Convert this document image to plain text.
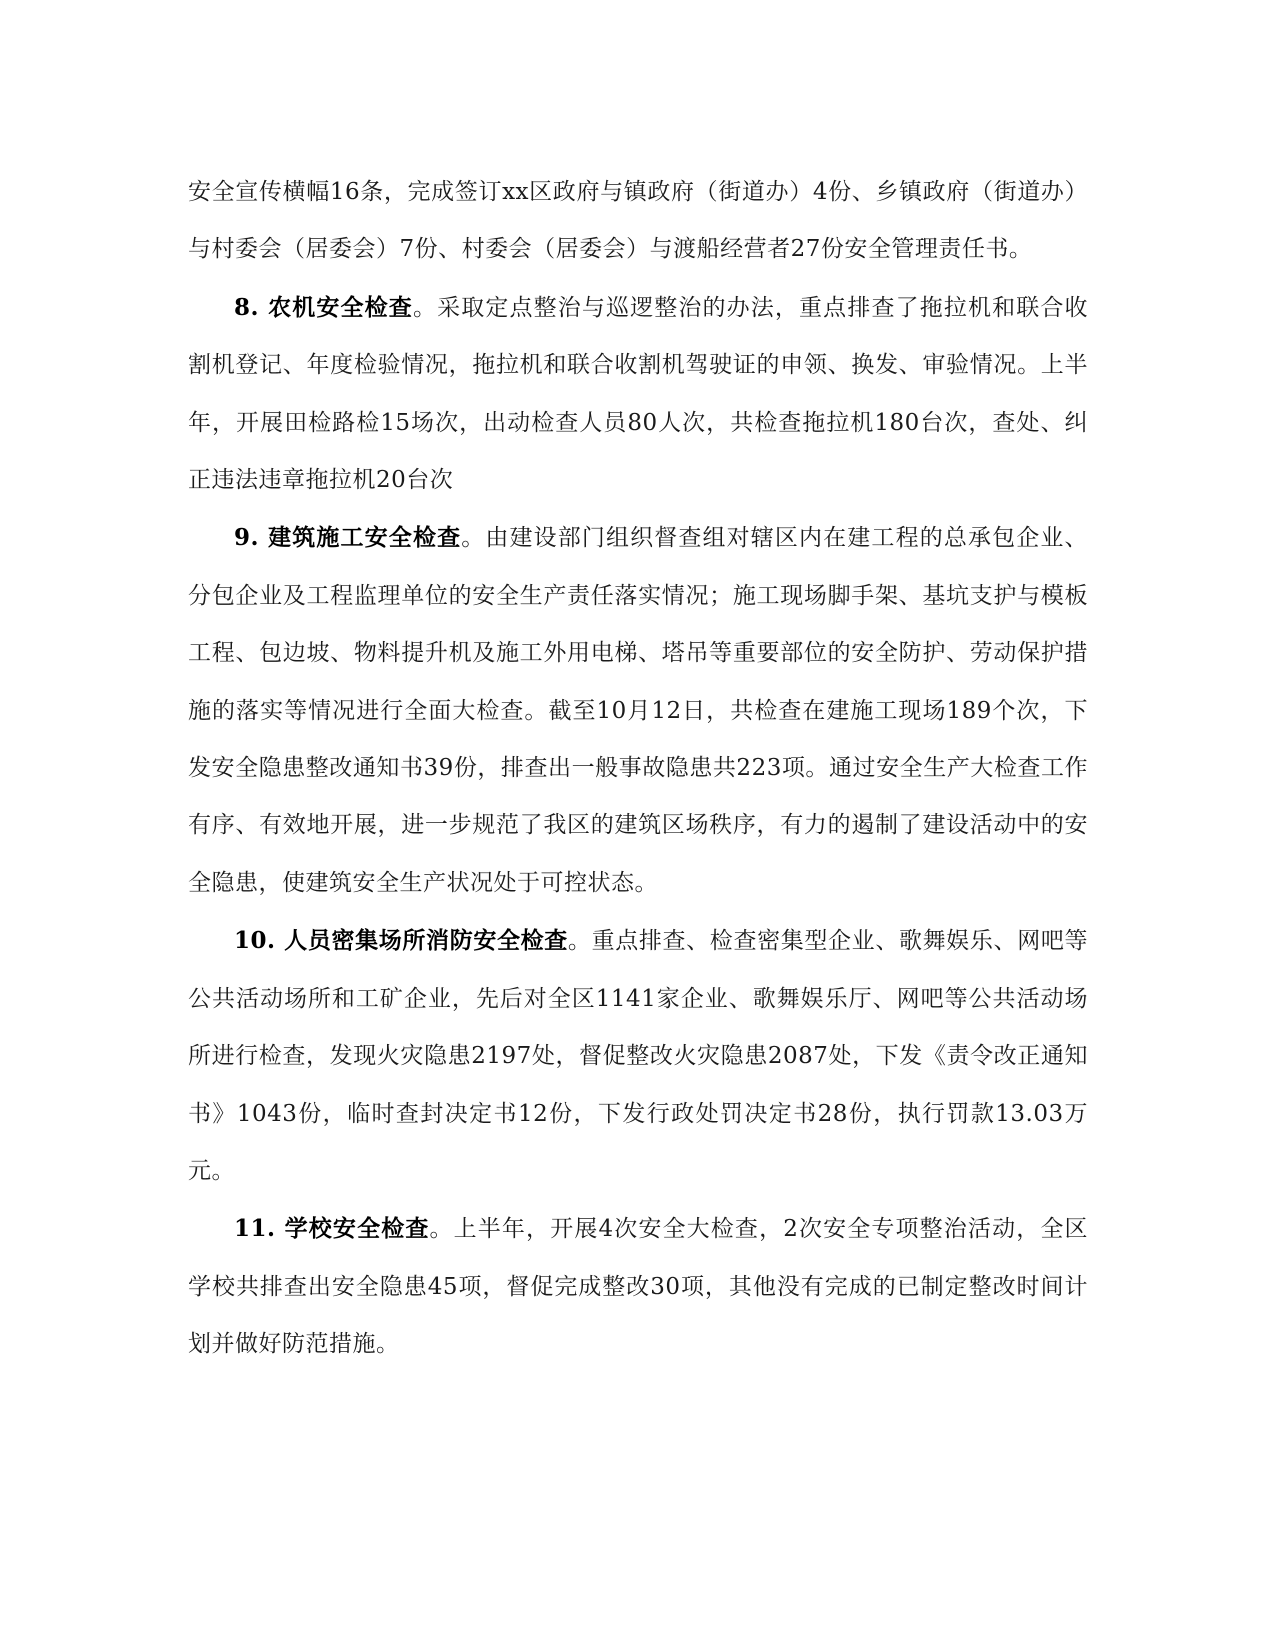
安全宣传横幅16条，完成签订xx区政府与镇政府（街道办）4份、乡镇政府（街道办）与村委会（居委会）7份、村委会（居委会）与渡船经营者27份安全管理责任书。

8. 农机安全检查。采取定点整治与巡逻整治的办法，重点排查了拖拉机和联合收割机登记、年度检验情况，拖拉机和联合收割机驾驶证的申领、换发、审验情况。上半年，开展田检路检15场次，出动检查人员80人次，共检查拖拉机180台次，查处、纠正违法违章拖拉机20台次

9. 建筑施工安全检查。由建设部门组织督查组对辖区内在建工程的总承包企业、分包企业及工程监理单位的安全生产责任落实情况；施工现场脚手架、基坑支护与模板工程、包边坡、物料提升机及施工外用电梯、塔吊等重要部位的安全防护、劳动保护措施的落实等情况进行全面大检查。截至10月12日，共检查在建施工现场189个次，下发安全隐患整改通知书39份，排查出一般事故隐患共223项。通过安全生产大检查工作有序、有效地开展，进一步规范了我区的建筑区场秩序，有力的遏制了建设活动中的安全隐患，使建筑安全生产状况处于可控状态。

10. 人员密集场所消防安全检查。重点排查、检查密集型企业、歌舞娱乐、网吧等公共活动场所和工矿企业，先后对全区1141家企业、歌舞娱乐厅、网吧等公共活动场所进行检查，发现火灾隐患2197处，督促整改火灾隐患2087处，下发《责令改正通知书》1043份，临时查封决定书12份，下发行政处罚决定书28份，执行罚款13.03万元。

11. 学校安全检查。上半年，开展4次安全大检查，2次安全专项整治活动，全区学校共排查出安全隐患45项，督促完成整改30项，其他没有完成的已制定整改时间计划并做好防范措施。
